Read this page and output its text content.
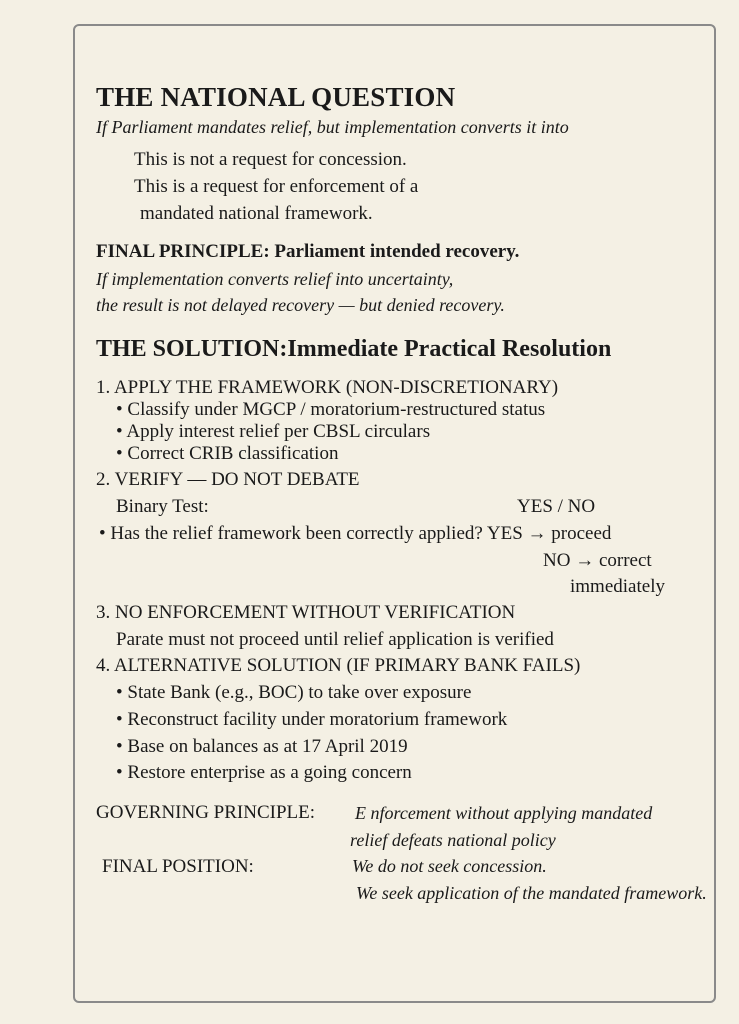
THE NATIONAL QUESTION
If Parliament mandates relief, but implementation converts it into
This is not a request for concession.
This is a request for enforcement of a
mandated national framework.
FINAL PRINCIPLE: Parliament intended recovery.
If implementation converts relief into uncertainty,
the result is not delayed recovery — but denied recovery.
THE SOLUTION:Immediate Practical Resolution
1. APPLY THE FRAMEWORK (NON-DISCRETIONARY)
• Classify under MGCP / moratorium-restructured status
• Apply interest relief per CBSL circulars
• Correct CRIB classification
2. VERIFY — DO NOT DEBATE
Binary Test:	YES / NO
• Has the relief framework been correctly applied? YES → proceed
NO → correct
immediately
3. NO ENFORCEMENT WITHOUT VERIFICATION
Parate must not proceed until relief application is verified
4. ALTERNATIVE SOLUTION (IF PRIMARY BANK FAILS)
• State Bank (e.g., BOC) to take over exposure
• Reconstruct facility under moratorium framework
• Base on balances as at 17 April 2019
• Restore enterprise as a going concern
GOVERNING PRINCIPLE: E nforcement without applying mandated
relief defeats national policy
FINAL POSITION:	We do not seek concession.
We seek application of the mandated framework.
